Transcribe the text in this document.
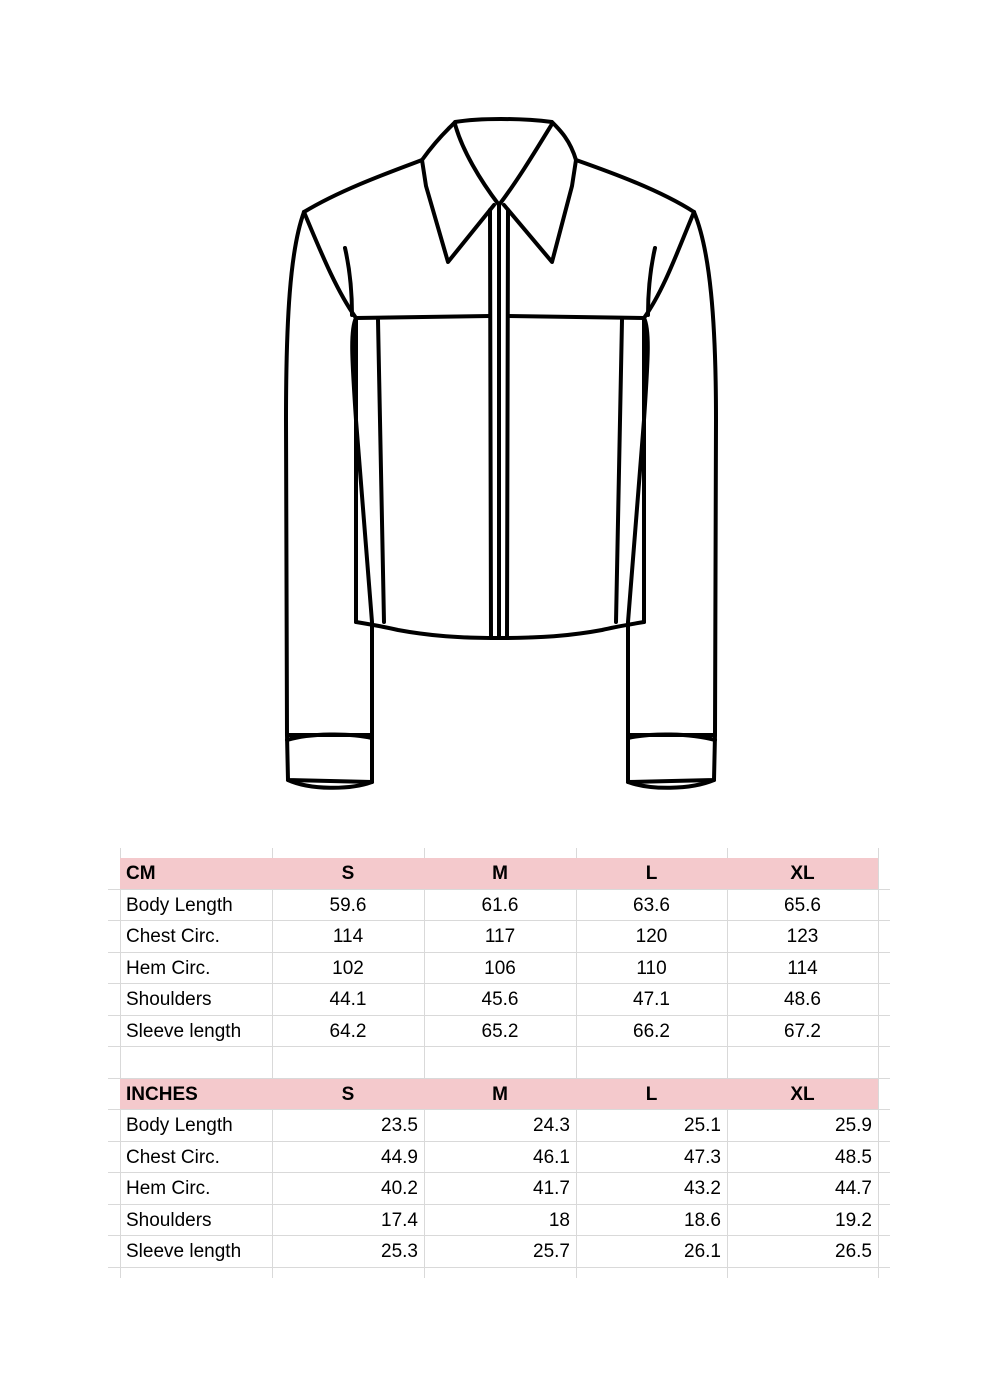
CM	S	M	L	XL
Body Length	59.6	61.6	63.6	65.6
Chest Circ.	114	117	120	123
Hem Circ.	102	106	110	114
Shoulders	44.1	45.6	47.1	48.6
Sleeve length	64.2	65.2	66.2	67.2
INCHES	S	M	L	XL
Body Length	23.5	24.3	25.1	25.9
Chest Circ.	44.9	46.1	47.3	48.5
Hem Circ.	40.2	41.7	43.2	44.7
Shoulders	17.4	18	18.6	19.2
Sleeve length	25.3	25.7	26.1	26.5
